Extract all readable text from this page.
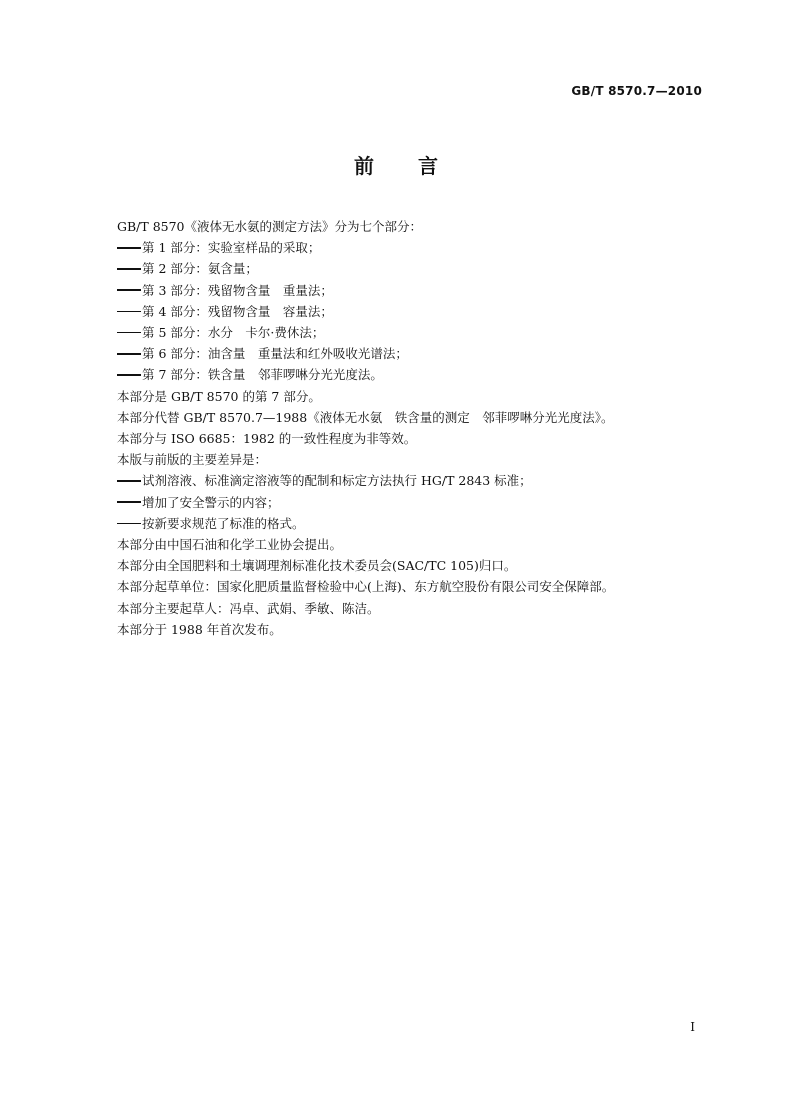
GB/T 8570.7—2010
前 言

GB/T 8570《液体无水氨的测定方法》分为七个部分：

第 1 部分：实验室样品的采取；

第 2 部分：氨含量；

第 3 部分：残留物含量　重量法；

第 4 部分：残留物含量　容量法；

第 5 部分：水分　卡尔·费休法；

第 6 部分：油含量　重量法和红外吸收光谱法；

第 7 部分：铁含量　邻菲啰啉分光光度法。

本部分是 GB/T 8570 的第 7 部分。

本部分代替 GB/T 8570.7—1988《液体无水氨　铁含量的测定　邻菲啰啉分光光度法》。

本部分与 ISO 6685：1982 的一致性程度为非等效。

本版与前版的主要差异是：

试剂溶液、标准滴定溶液等的配制和标定方法执行 HG/T 2843 标准；

增加了安全警示的内容；

按新要求规范了标准的格式。

本部分由中国石油和化学工业协会提出。

本部分由全国肥料和土壤调理剂标准化技术委员会(SAC/TC 105)归口。

本部分起草单位：国家化肥质量监督检验中心(上海)、东方航空股份有限公司安全保障部。

本部分主要起草人：冯卓、武娟、季敏、陈洁。

本部分于 1988 年首次发布。

I
